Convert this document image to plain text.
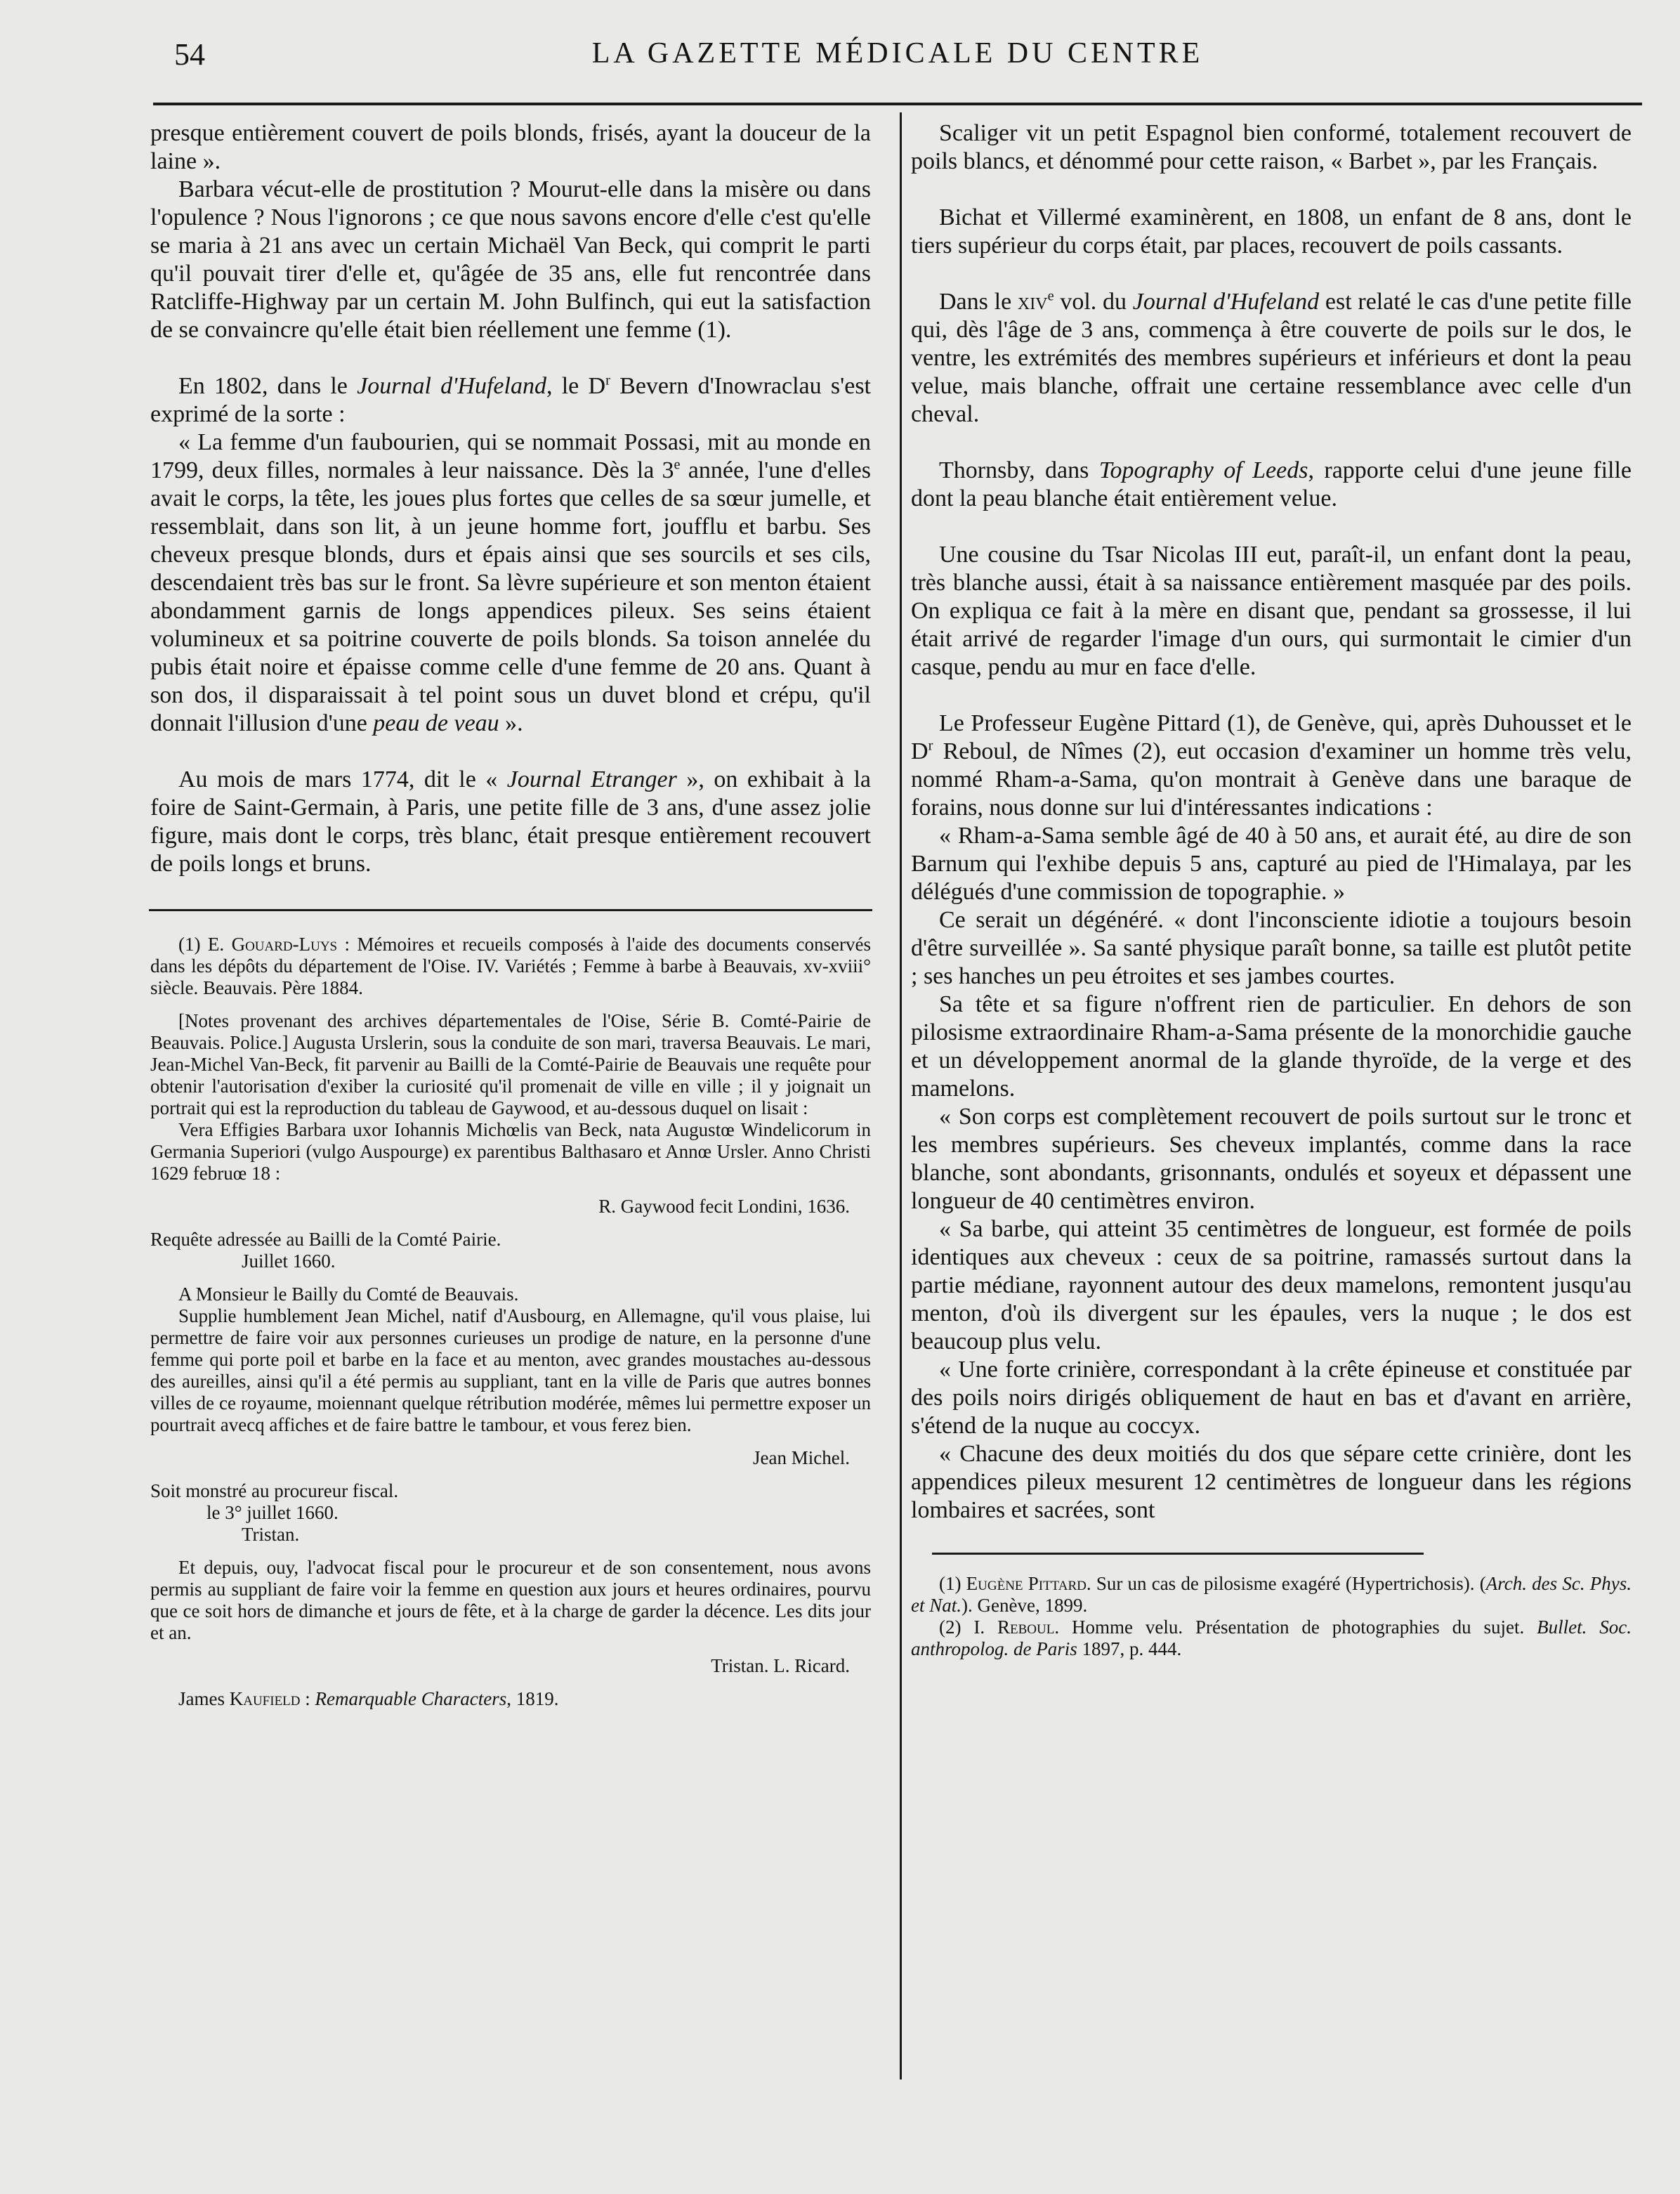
54	LA GAZETTE MÉDICALE DU CENTRE

presque entièrement couvert de poils blonds, frisés, ayant la douceur de la laine ».

Barbara vécut-elle de prostitution ? Mourut-elle dans la misère ou dans l'opulence ? Nous l'ignorons ; ce que nous savons encore d'elle c'est qu'elle se maria à 21 ans avec un certain Michaël Van Beck, qui comprit le parti qu'il pouvait tirer d'elle et, qu'âgée de 35 ans, elle fut rencontrée dans Ratcliffe-Highway par un certain M. John Bulfinch, qui eut la satisfaction de se convaincre qu'elle était bien réellement une femme (1).

En 1802, dans le Journal d'Hufeland, le $D^r$ Bevern d'Inowraclau s'est exprimé de la sorte :

« La femme d'un faubourien, qui se nommait Possasi, mit au monde en 1799, deux filles, normales à leur naissance. Dès la 3e année, l'une d'elles avait le corps, la tête, les joues plus fortes que celles de sa sœur jumelle, et ressemblait, dans son lit, à un jeune homme fort, joufflu et barbu. Ses cheveux presque blonds, durs et épais ainsi que ses sourcils et ses cils, descendaient très bas sur le front. Sa lèvre supérieure et son menton étaient abondamment garnis de longs appendices pileux. Ses seins étaient volumineux et sa poitrine couverte de poils blonds. Sa toison annelée du pubis était noire et épaisse comme celle d'une femme de 20 ans. Quant à son dos, il disparaissait à tel point sous un duvet blond et crépu, qu'il donnait l'illusion d'une peau de veau ».

Au mois de mars 1774, dit le « Journal Etranger », on exhibait à la foire de Saint-Germain, à Paris, une petite fille de 3 ans, d'une assez jolie figure, mais dont le corps, très blanc, était presque entièrement recouvert de poils longs et bruns.

(1) E. Gouard-Luys : Mémoires et recueils composés à l'aide des documents conservés dans les dépôts du département de l'Oise. IV. Variétés ; Femme à barbe à Beauvais, xv-xviii° siècle. Beauvais. Père 1884.

[Notes provenant des archives départementales de l'Oise, Série B. Comté-Pairie de Beauvais. Police.] Augusta Urslerin, sous la conduite de son mari, traversa Beauvais. Le mari, Jean-Michel Van-Beck, fit parvenir au Bailli de la Comté-Pairie de Beauvais une requête pour obtenir l'autorisation d'exiber la curiosité qu'il promenait de ville en ville ; il y joignait un portrait qui est la reproduction du tableau de Gaywood, et au-dessous duquel on lisait :

Vera Effigies Barbara uxor Iohannis Michœlis van Beck, nata Augustœ Windelicorum in Germania Superiori (vulgo Auspourge) ex parentibus Balthasaro et Annœ Ursler. Anno Christi 1629 februœ 18 :

R. Gaywood fecit Londini, 1636.

Requête adressée au Bailli de la Comté Pairie.

Juillet 1660.

A Monsieur le Bailly du Comté de Beauvais.

Supplie humblement Jean Michel, natif d'Ausbourg, en Allemagne, qu'il vous plaise, lui permettre de faire voir aux personnes curieuses un prodige de nature, en la personne d'une femme qui porte poil et barbe en la face et au menton, avec grandes moustaches au-dessous des aureilles, ainsi qu'il a été permis au suppliant, tant en la ville de Paris que autres bonnes villes de ce royaume, moiennant quelque rétribution modérée, mêmes lui permettre exposer un pourtrait avecq affiches et de faire battre le tambour, et vous ferez bien.

Jean Michel.

Soit monstré au procureur fiscal.

le 3° juillet 1660.

Tristan.

Et depuis, ouy, l'advocat fiscal pour le procureur et de son consentement, nous avons permis au suppliant de faire voir la femme en question aux jours et heures ordinaires, pourvu que ce soit hors de dimanche et jours de fête, et à la charge de garder la décence. Les dits jour et an.

Tristan. L. Ricard.

James Kaufield : Remarquable Characters, 1819.

Scaliger vit un petit Espagnol bien conformé, totalement recouvert de poils blancs, et dénommé pour cette raison, « Barbet », par les Français.

Bichat et Villermé examinèrent, en 1808, un enfant de 8 ans, dont le tiers supérieur du corps était, par places, recouvert de poils cassants.

Dans le xiv$^e$ vol. du Journal d'Hufeland est relaté le cas d'une petite fille qui, dès l'âge de 3 ans, commença à être couverte de poils sur le dos, le ventre, les extrémités des membres supérieurs et inférieurs et dont la peau velue, mais blanche, offrait une certaine ressemblance avec celle d'un cheval.

Thornsby, dans Topography of Leeds, rapporte celui d'une jeune fille dont la peau blanche était entièrement velue.

Une cousine du Tsar Nicolas III eut, paraît-il, un enfant dont la peau, très blanche aussi, était à sa naissance entièrement masquée par des poils. On expliqua ce fait à la mère en disant que, pendant sa grossesse, il lui était arrivé de regarder l'image d'un ours, qui surmontait le cimier d'un casque, pendu au mur en face d'elle.

Le Professeur Eugène Pittard (1), de Genève, qui, après Duhousset et le $D^r$ Reboul, de Nîmes (2), eut occasion d'examiner un homme très velu, nommé Rham-a-Sama, qu'on montrait à Genève dans une baraque de forains, nous donne sur lui d'intéressantes indications :

« Rham-a-Sama semble âgé de 40 à 50 ans, et aurait été, au dire de son Barnum qui l'exhibe depuis 5 ans, capturé au pied de l'Himalaya, par les délégués d'une commission de topographie. »

Ce serait un dégénéré. « dont l'inconsciente idiotie a toujours besoin d'être surveillée ». Sa santé physique paraît bonne, sa taille est plutôt petite ; ses hanches un peu étroites et ses jambes courtes.

Sa tête et sa figure n'offrent rien de particulier. En dehors de son pilosisme extraordinaire Rham-a-Sama présente de la monorchidie gauche et un développement anormal de la glande thyroïde, de la verge et des mamelons.

« Son corps est complètement recouvert de poils surtout sur le tronc et les membres supérieurs. Ses cheveux implantés, comme dans la race blanche, sont abondants, grisonnants, ondulés et soyeux et dépassent une longueur de 40 centimètres environ.

« Sa barbe, qui atteint 35 centimètres de longueur, est formée de poils identiques aux cheveux : ceux de sa poitrine, ramassés surtout dans la partie médiane, rayonnent autour des deux mamelons, remontent jusqu'au menton, d'où ils divergent sur les épaules, vers la nuque ; le dos est beaucoup plus velu.

« Une forte crinière, correspondant à la crête épineuse et constituée par des poils noirs dirigés obliquement de haut en bas et d'avant en arrière, s'étend de la nuque au coccyx.

« Chacune des deux moitiés du dos que sépare cette crinière, dont les appendices pileux mesurent 12 centimètres de longueur dans les régions lombaires et sacrées, sont

(1) Eugène Pittard. Sur un cas de pilosisme exagéré (Hypertrichosis). (Arch. des Sc. Phys. et Nat.). Genève, 1899.

(2) I. Reboul. Homme velu. Présentation de photographies du sujet. Bullet. Soc. anthropolog. de Paris 1897, p. 444.
